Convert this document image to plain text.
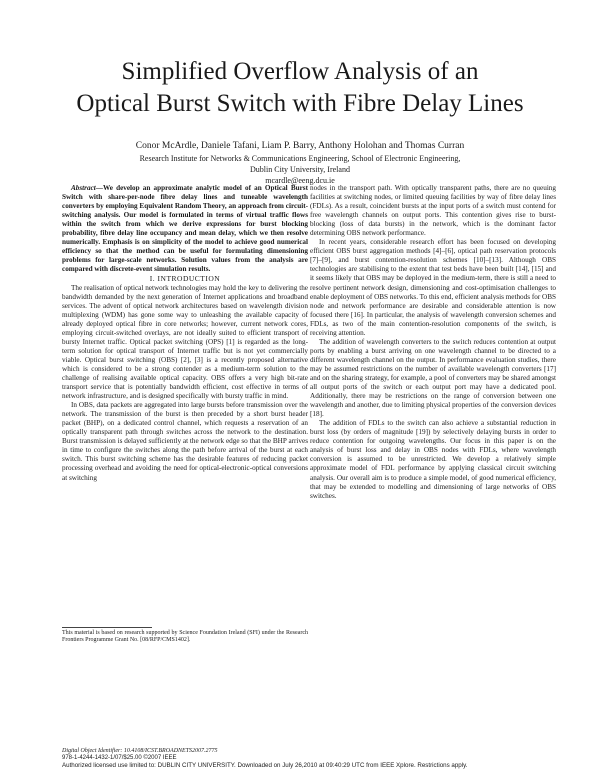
Simplified Overflow Analysis of an
Optical Burst Switch with Fibre Delay Lines
Conor McArdle, Daniele Tafani, Liam P. Barry, Anthony Holohan and Thomas Curran
Research Institute for Networks & Communications Engineering, School of Electronic Engineering,
Dublin City University, Ireland
mcardle@eeng.dcu.ie

Abstract—We develop an approximate analytic model of an Optical Burst Switch with share-per-node fibre delay lines and tuneable wavelength converters by employing Equivalent Random Theory, an approach from circuit-switching analysis. Our model is formulated in terms of virtual traffic flows within the switch from which we derive expressions for burst blocking probability, fibre delay line occupancy and mean delay, which we then resolve numerically. Emphasis is on simplicity of the model to achieve good numerical efficiency so that the method can be useful for formulating dimensioning problems for large-scale networks. Solution values from the analysis are compared with discrete-event simulation results.

I. INTRODUCTION

The realisation of optical network technologies may hold the key to delivering the bandwidth demanded by the next generation of Internet applications and broadband services. The advent of optical network architectures based on wavelength division multiplexing (WDM) has gone some way to unleashing the available capacity of already deployed optical fibre in core networks; however, current network cores, employing circuit-switched overlays, are not ideally suited to efficient transport of bursty Internet traffic. Optical packet switching (OPS) [1] is regarded as the long-term solution for optical transport of Internet traffic but is not yet commercially viable. Optical burst switching (OBS) [2], [3] is a recently proposed alternative which is considered to be a strong contender as a medium-term solution to the challenge of realising available optical capacity. OBS offers a very high bit-rate transport service that is potentially bandwidth efficient, cost effective in terms of network infrastructure, and is designed specifically with bursty traffic in mind.

In OBS, data packets are aggregated into large bursts before transmission over the network. The transmission of the burst is then preceded by a short burst header packet (BHP), on a dedicated control channel, which requests a reservation of an optically transparent path through switches across the network to the destination. Burst transmission is delayed sufficiently at the network edge so that the BHP arrives in time to configure the switches along the path before arrival of the burst at each switch. This burst switching scheme has the desirable features of reducing packet processing overhead and avoiding the need for optical-electronic-optical conversions at switching

This material is based on research supported by Science Foundation Ireland (SFI) under the Research Frontiers Programme Grant No. [08/RFP/CMS1402].

nodes in the transport path. With optically transparent paths, there are no queuing facilities at switching nodes, or limited queuing facilities by way of fibre delay lines (FDLs). As a result, coincident bursts at the input ports of a switch must contend for free wavelength channels on output ports. This contention gives rise to burst-blocking (loss of data bursts) in the network, which is the dominant factor determining OBS network performance.

In recent years, considerable research effort has been focused on developing efficient OBS burst aggregation methods [4]–[6], optical path reservation protocols [7]–[9], and burst contention-resolution schemes [10]–[13]. Although OBS technologies are stabilising to the extent that test beds have been built [14], [15] and it seems likely that OBS may be deployed in the medium-term, there is still a need to resolve pertinent network design, dimensioning and cost-optimisation challenges to enable deployment of OBS networks. To this end, efficient analysis methods for OBS node and network performance are desirable and considerable attention is now focused there [16]. In particular, the analysis of wavelength conversion schemes and FDLs, as two of the main contention-resolution components of the switch, is receiving attention.

The addition of wavelength converters to the switch reduces contention at output ports by enabling a burst arriving on one wavelength channel to be directed to a different wavelength channel on the output. In performance evaluation studies, there may be assumed restrictions on the number of available wavelength converters [17] and on the sharing strategy, for example, a pool of converters may be shared amongst all output ports of the switch or each output port may have a dedicated pool. Additionally, there may be restrictions on the range of conversion between one wavelength and another, due to limiting physical properties of the conversion devices [18].

The addition of FDLs to the switch can also achieve a substantial reduction in burst loss (by orders of magnitude [19]) by selectively delaying bursts in order to reduce contention for outgoing wavelengths. Our focus in this paper is on the analysis of burst loss and delay in OBS nodes with FDLs, where wavelength conversion is assumed to be unrestricted. We develop a relatively simple approximate model of FDL performance by applying classical circuit switching analysis. Our overall aim is to produce a simple model, of good numerical efficiency, that may be extended to modelling and dimensioning of large networks of OBS switches.

Digital Object Identifier: 10.4108/ICST.BROADNETS2007.2775
978-1-4244-1432-1/07/$25.00 ©2007 IEEE
Authorized licensed use limited to: DUBLIN CITY UNIVERSITY. Downloaded on July 26,2010 at 09:40:29 UTC from IEEE Xplore. Restrictions apply.
